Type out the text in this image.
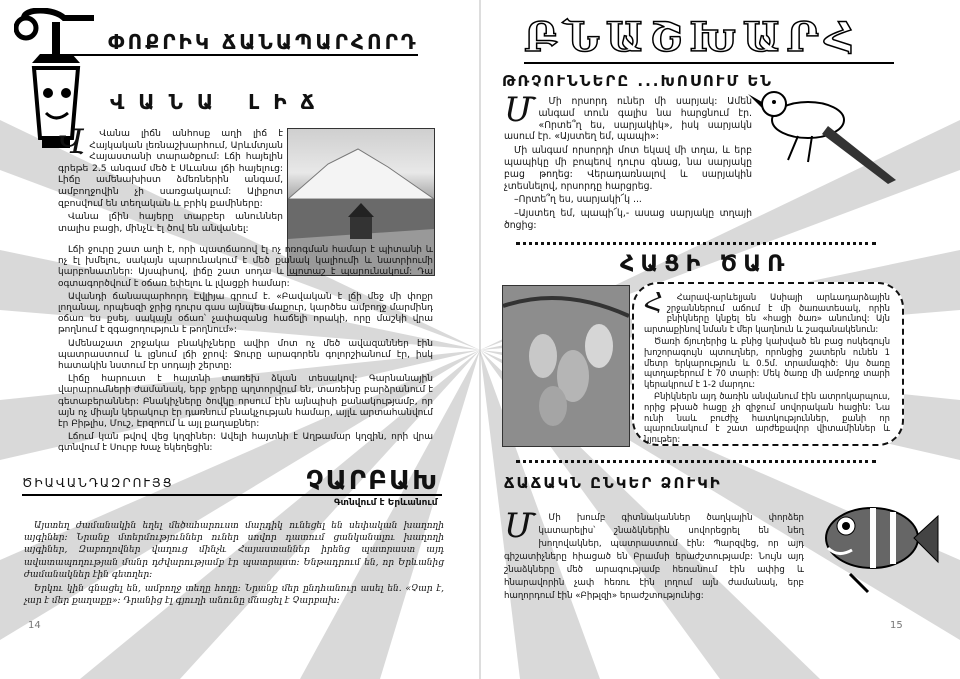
ՓՈՔՐԻԿ ՃԱՆԱՊԱՐՀՈՐԴ
ՎԱՆԱ ԼԻՃ
Վ	Վանա լիճն անհոսք աղի լիճ է Հայկական լեռնաշխարհում, Արևմտյան Հայաստանի տարածքում: Լճի հայելին գրեթե 2.5 անգամ մեծ է Սևանա լճի հայելուց: Լիճը ամենախիստ ձմեռներին անգամ, ամբողջովին չի սառցակալում: Ալիքոտ զբոսվում են տեղական և բրիկ քամիները:

Վանա լճին հայերը տարբեր անուններ տալիս բացի, մինչև էլ ծով են անվանել:

Լճի ջուրը շատ աղի է, որի պատճառով էլ ոչ ոռոգման համար է պիտանի և ոչ էլ խմելու, սակայն պարունակում է մեծ քանակ կալիումի և նատրիումի կարբոնատներ: Այսպիսով, լիճը շատ սոդա և պոտաշ է պարունակում: Դա օգտագործվում է օճառ եփելու և լվացքի համար:

Ավանդի ճանապարհորդ Էվլիյա գրում է. «Բավական է լճի մեջ մի փոքր լողանալ, որպեսզի ջրից դուրս գաս այնպես մաքուր, կարծես ամբողջ մարմինդ օճառ ես քսել, սակայն օճառ՝ չափազանց հաճելի որակի, որը մաշկի վրա թողնում է զգացողություն է թողնում»:

Ամենաշատ շրջակա բնակիչները ավիր մոտ ոչ մեծ ավազաններ էին պատրաստում և լցնում լճի ջրով: Ջուրը արագորեն գոլորշիանում էր, իսկ հատակին նստում էր սոդայի շերտը:

Լիճը հարուստ է հայտնի տառեխ ձկան տեսակով: Գարնանային վարարումների ժամանակ, երբ ջրերը պղտորվում են, տառեխը բարձրանում է գետաբերաններ: Բնակիչները ծովկը որսում էին այնպիսի քանակությամբ, որ այն ոչ միայն կերակուր էր դառնում բնակչության համար, այլև արտահանվում էր Բիթլիս, Մուշ, Էրզրում և այլ քաղաքներ:

Լճում կան թվով վեց կղզիներ: Ավելի հայտնի է Աղթամար կղզին, որի վրա գտնվում է Սուրբ Խաչ եկեղեցին:

ԾԻԱՎԱՆԴԱԶՐՈՒՅՑ	ՉԱՐԲԱԽ
Գտնվում է Երևանում

Այստեղ ժամանակին եղել մեծահարուստ մարդիկ ունեցել են սեփական խաղողի այգիներ: Նրանք մտերմություններ ուներ սովոր դատում ցանկանալու խաղողի այգիներ, Զաբողովներ վաղուց մինչև Հայաստաններ իրենց պատրաստ այդ ավատապողության մանր դժվարությամբ էր պատրաստ: Ենթադրում են, որ Երևանից ժամանակներ էին գետղեր:

Երկու կին գնացել են, ամբողջ տեղը հողը: Նրանք մեր ընդհանուր ասել են. «Չար է, չար է մեր քաղաքը»: Դրանից էլ գյուղի անունը մնացել է Չարբախ:

14
ԲՆԱՇԽԱՐՀ
ԹՌՉՈՒՆՆԵՐԸ ...ԽՈՍՈՒՄ ԵՆ
Մ	Մի որսորդ ուներ մի սարյակ: Ամեն անգամ տուն գալիս նա հարցնում էր. «Որտե՞ղ ես, սարյակիկ», իսկ սարյակն ասում էր. «Այստեղ եմ, պապի»:

Մի անգամ որսորդի մոտ եկավ մի տղա, և երբ պապիկը մի բոպեով դուրս գնաց, նա սարյակը բաց թողեց: Վերադառնալով և սարյակին չտեսնելով, որսորդը հարցրեց.

–Որտե՞ղ ես, սարյակի՜կ ...

–Այստեղ եմ, պապի՜կ,- ասաց սարյակը տղայի ծոցից:

ՀԱՑԻ ԾԱՌ
Հ	Հարավ-արևելյան Ասիայի արևադարձային շրջաններում աճում է մի ծառատեսակ, որին բնիկները կնքել են «հացի ծառ» անունով: Այն արտաքինով նման է մեր կաղնուն և շագանակենուն:

Ծառի ճյուղերից և բնից կախված են բաց ոսկեգույն խոշորագույն պտուղներ, որոնցից շատերն ունեն 1 մետր երկարություն և 0.5մ. տրամագիծ: Այս ծառը պտղաբերում է 70 տարի: Մեկ ծառը մի ամբողջ տարի կերակրում է 1-2 մարդու:

Բնիկներն այդ ծառին անվանում էին ատրոկարպուս, որից թխած հացը չի զիջում սովորական հացին: Նա ունի նաև բուժիչ հատկություններ, քանի որ պարունակում է շատ արժեքավոր վիտամիններ և նյութեր:

ՃԱՃԱԿՆ ԸՆԿԵՐ ՁՈՒԿԻ
Մ	Մի խումբ գիտնականներ ծաղկային փորձեր կատարելիս՝ շնաձկներին սովորեցրել են նեղ խողովակներ, պատրաստում էին: Պարզվեց, որ այդ գիշատիչները հիացած են Բրամսի երաժշտությամբ: Նույն այդ շնաձկները մեծ արագությամբ հեռանում էին ափից և հնարավորին չափ հեռու էին լողում այն ժամանակ, երբ հաղորդում էին «Բիթլզի» երաժշտությունից:

15
